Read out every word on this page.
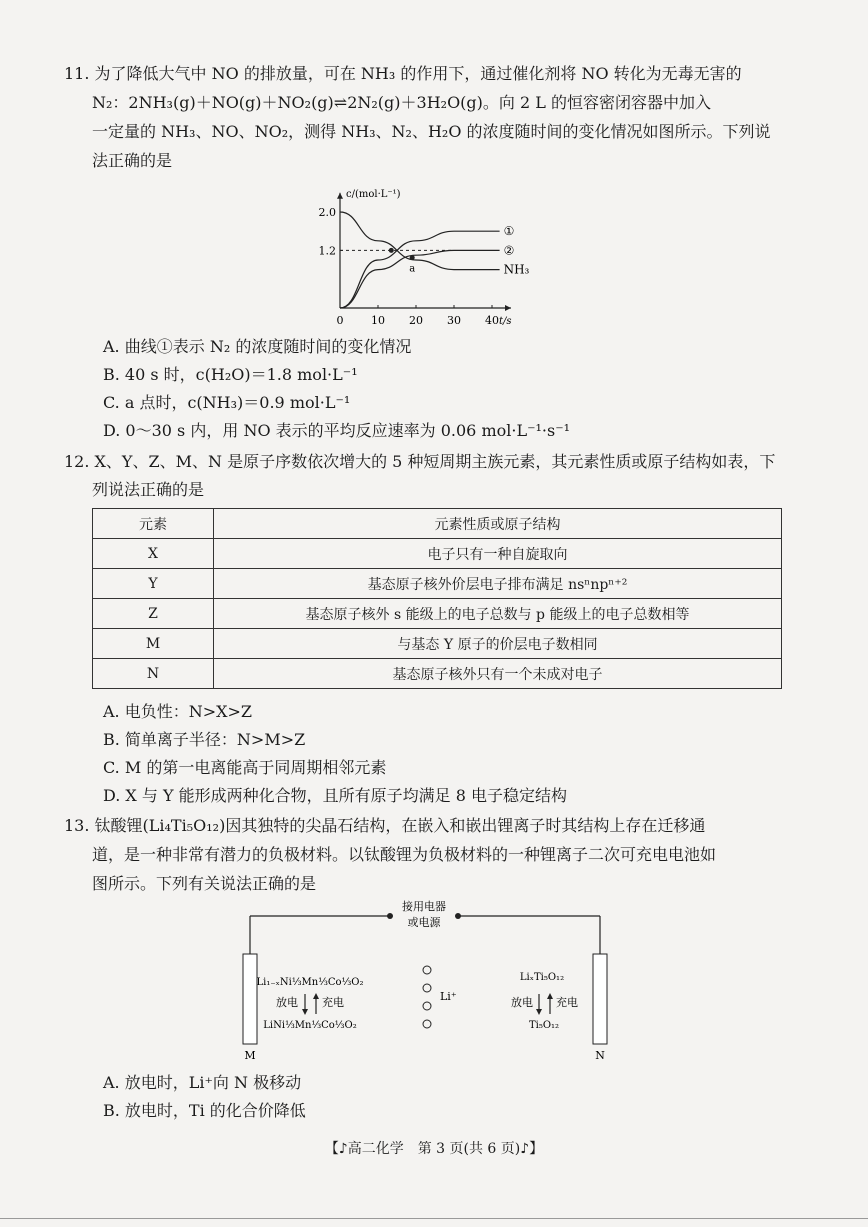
11. 为了降低大气中 NO 的排放量，可在 NH₃ 的作用下，通过催化剂将 NO 转化为无毒无害的
N₂：2NH₃(g)＋NO(g)＋NO₂(g)⇌2N₂(g)＋3H₂O(g)。向 2 L 的恒容密闭容器中加入
一定量的 NH₃、NO、NO₂，测得 NH₃、N₂、H₂O 的浓度随时间的变化情况如图所示。下列说
法正确的是
c/(mol·L⁻¹)
t/s
0	10 20 30 40
1.2
2.0
①
②
NH₃
a
A. 曲线①表示 N₂ 的浓度随时间的变化情况
B. 40 s 时，c(H₂O)＝1.8 mol·L⁻¹
C. a 点时，c(NH₃)＝0.9 mol·L⁻¹
D. 0～30 s 内，用 NO 表示的平均反应速率为 0.06 mol·L⁻¹·s⁻¹
12. X、Y、Z、M、N 是原子序数依次增大的 5 种短周期主族元素，其元素性质或原子结构如表，下
列说法正确的是
元素	元素性质或原子结构
X	电子只有一种自旋取向
Y	基态原子核外价层电子排布满足 nsⁿnpⁿ⁺²
Z	基态原子核外 s 能级上的电子总数与 p 能级上的电子总数相等
M	与基态 Y 原子的价层电子数相同
N	基态原子核外只有一个未成对电子
A. 电负性：N>X>Z
B. 简单离子半径：N>M>Z
C. M 的第一电离能高于同周期相邻元素
D. X 与 Y 能形成两种化合物，且所有原子均满足 8 电子稳定结构
13. 钛酸锂(Li₄Ti₅O₁₂)因其独特的尖晶石结构，在嵌入和嵌出锂离子时其结构上存在迁移通
道，是一种非常有潜力的负极材料。以钛酸锂为负极材料的一种锂离子二次可充电电池如
图所示。下列有关说法正确的是
接用电器
或电源
M	N
Li₁₋ₓNi⅓Mn⅓Co⅓O₂
放电 充电
LiNi⅓Mn⅓Co⅓O₂
Li⁺
LiₓTi₅O₁₂
放电 充电
Ti₅O₁₂
A. 放电时，Li⁺向 N 极移动
B. 放电时，Ti 的化合价降低
【♪高二化学　第 3 页(共 6 页)♪】
